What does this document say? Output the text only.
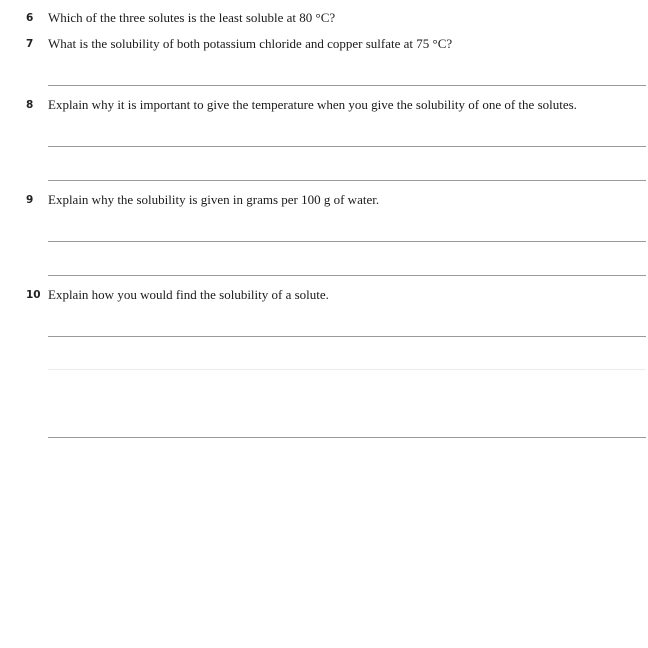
6 Which of the three solutes is the least soluble at 80 °C?
7 What is the solubility of both potassium chloride and copper sulfate at 75 °C?
8 Explain why it is important to give the temperature when you give the solubility of one of the solutes.
9 Explain why the solubility is given in grams per 100 g of water.
10 Explain how you would find the solubility of a solute.
